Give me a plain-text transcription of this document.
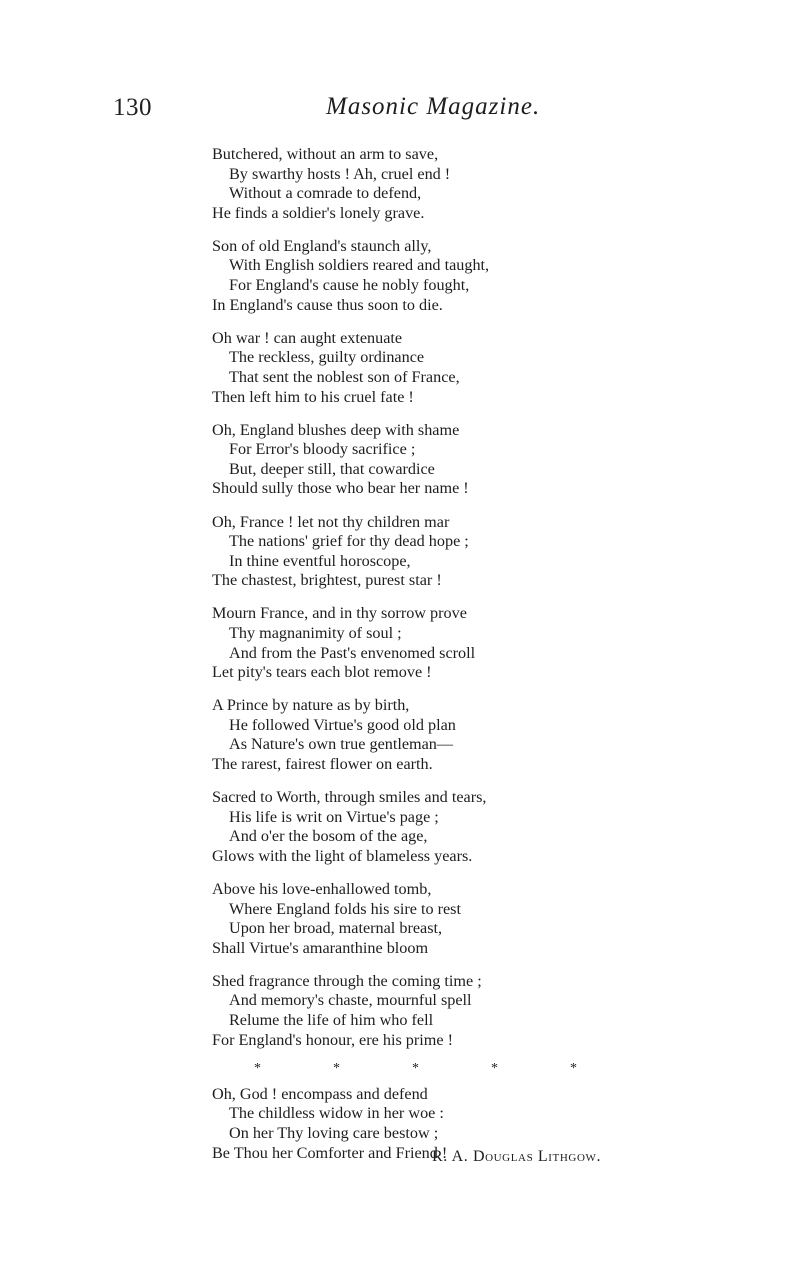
130	Masonic Magazine.
Butchered, without an arm to save,
By swarthy hosts ! Ah, cruel end !
Without a comrade to defend,
He finds a soldier's lonely grave.
Son of old England's staunch ally,
With English soldiers reared and taught,
For England's cause he nobly fought,
In England's cause thus soon to die.
Oh war ! can aught extenuate
The reckless, guilty ordinance
That sent the noblest son of France,
Then left him to his cruel fate !
Oh, England blushes deep with shame
For Error's bloody sacrifice ;
But, deeper still, that cowardice
Should sully those who bear her name !
Oh, France ! let not thy children mar
The nations' grief for thy dead hope ;
In thine eventful horoscope,
The chastest, brightest, purest star !
Mourn France, and in thy sorrow prove
Thy magnanimity of soul ;
And from the Past's envenomed scroll
Let pity's tears each blot remove !
A Prince by nature as by birth,
He followed Virtue's good old plan
As Nature's own true gentleman—
The rarest, fairest flower on earth.
Sacred to Worth, through smiles and tears,
His life is writ on Virtue's page ;
And o'er the bosom of the age,
Glows with the light of blameless years.
Above his love-enhallowed tomb,
Where England folds his sire to rest
Upon her broad, maternal breast,
Shall Virtue's amaranthine bloom
Shed fragrance through the coming time ;
And memory's chaste, mournful spell
Relume the life of him who fell
For England's honour, ere his prime !
*	*	*	*	*
Oh, God ! encompass and defend
The childless widow in her woe :
On her Thy loving care bestow ;
Be Thou her Comforter and Friend !
R. A. Douglas Lithgow.
